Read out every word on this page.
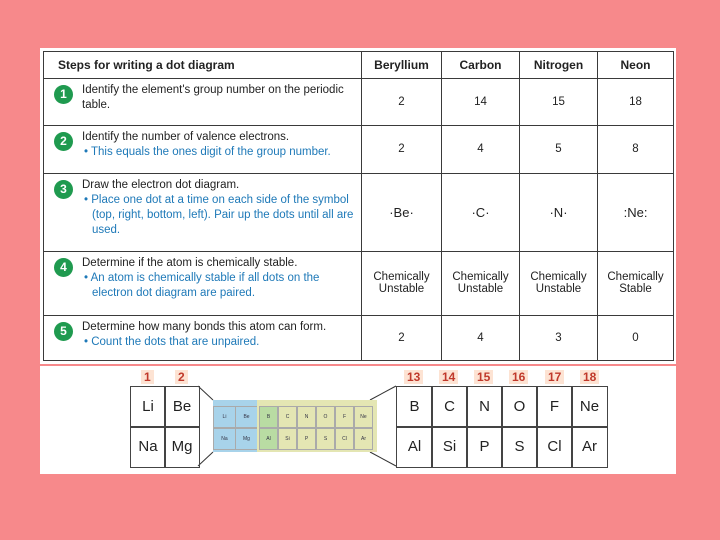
Steps for writing a dot diagram	Beryllium	Carbon	Nitrogen	Neon

1 Identify the element's group number on the periodic table.	2	14	15	18

2 Identify the number of valence electrons.
• This equals the ones digit of the group number.	2	4	5	8

3 Draw the electron dot diagram.
• Place one dot at a time on each side of the symbol (top, right, bottom, left). Pair up the dots until all are used.	·Be·	·C·	·N·	:Ne:

4 Determine if the atom is chemically stable.
• An atom is chemically stable if all dots on the electron dot diagram are paired.	Chemically Unstable	Chemically Unstable	Chemically Unstable	Chemically Stable

5 Determine how many bonds this atom can form.
• Count the dots that are unpaired.	2	4	3	0
1 2	13 14 15 16 17 18
Li	Be
Na Mg
Li	Be
Na	Mg
B	C	N	O	F	Ne
Al	Si	P	S	Cl	Ar
B	C	N	O	F	Ne
Al	Si	P	S	Cl	Ar
